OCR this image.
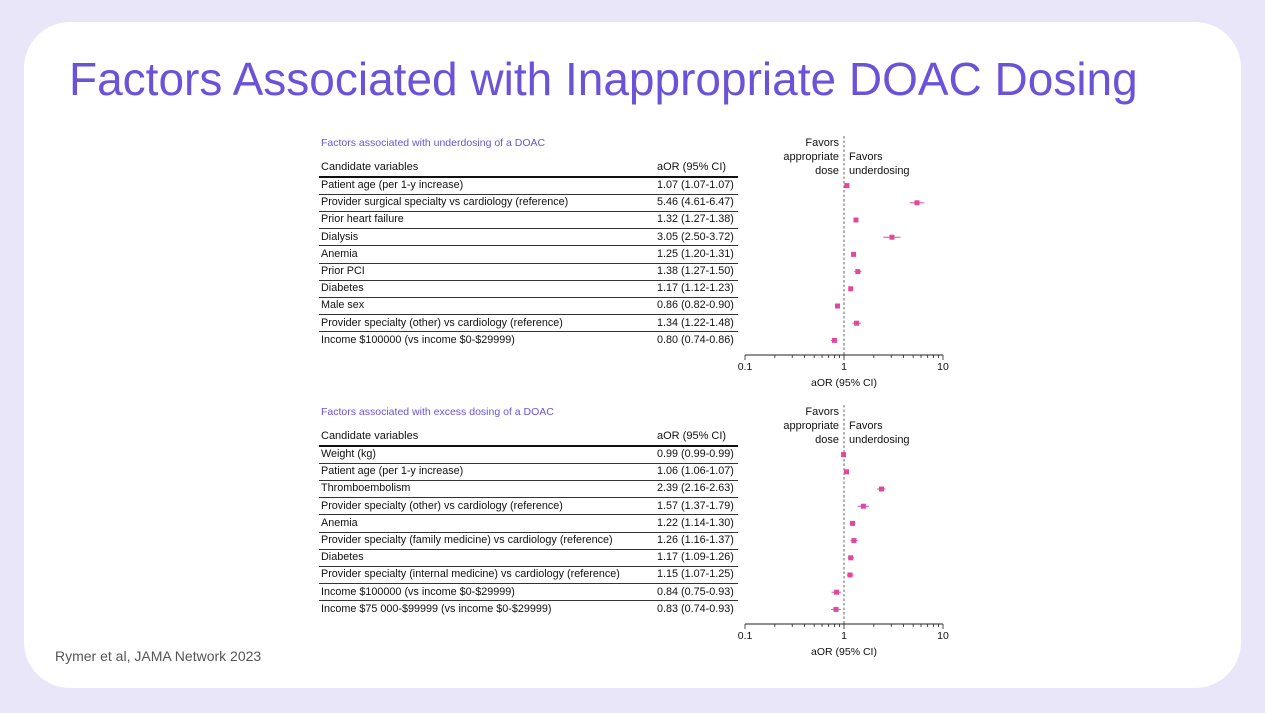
Factors Associated with Inappropriate DOAC Dosing
Rymer et al, JAMA Network 2023
Factors associated with underdosing of a DOAC
Candidate variables	aOR (95% CI)
Patient age (per 1-y increase)	1.07 (1.07-1.07)
Provider surgical specialty vs cardiology (reference)	5.46 (4.61-6.47)
Prior heart failure	1.32 (1.27-1.38)
Dialysis	3.05 (2.50-3.72)
Anemia	1.25 (1.20-1.31)
Prior PCI	1.38 (1.27-1.50)
Diabetes	1.17 (1.12-1.23)
Male sex	0.86 (0.82-0.90)
Provider specialty (other) vs cardiology (reference)	1.34 (1.22-1.48)
Income $100000 (vs income $0-$29999)	0.80 (0.74-0.86)
Favors
appropriate
dose
Favors
underdosing
0.1	1	10
aOR (95% CI)
Factors associated with excess dosing of a DOAC
Candidate variables	aOR (95% CI)
Weight (kg)	0.99 (0.99-0.99)
Patient age (per 1-y increase)	1.06 (1.06-1.07)
Thromboembolism	2.39 (2.16-2.63)
Provider specialty (other) vs cardiology (reference)	1.57 (1.37-1.79)
Anemia	1.22 (1.14-1.30)
Provider specialty (family medicine) vs cardiology (reference)	1.26 (1.16-1.37)
Diabetes	1.17 (1.09-1.26)
Provider specialty (internal medicine) vs cardiology (reference)	1.15 (1.07-1.25)
Income $100000 (vs income $0-$29999)	0.84 (0.75-0.93)
Income $75 000-$99999 (vs income $0-$29999)	0.83 (0.74-0.93)
Favors
appropriate
dose
Favors
underdosing
0.1	1	10
aOR (95% CI)
